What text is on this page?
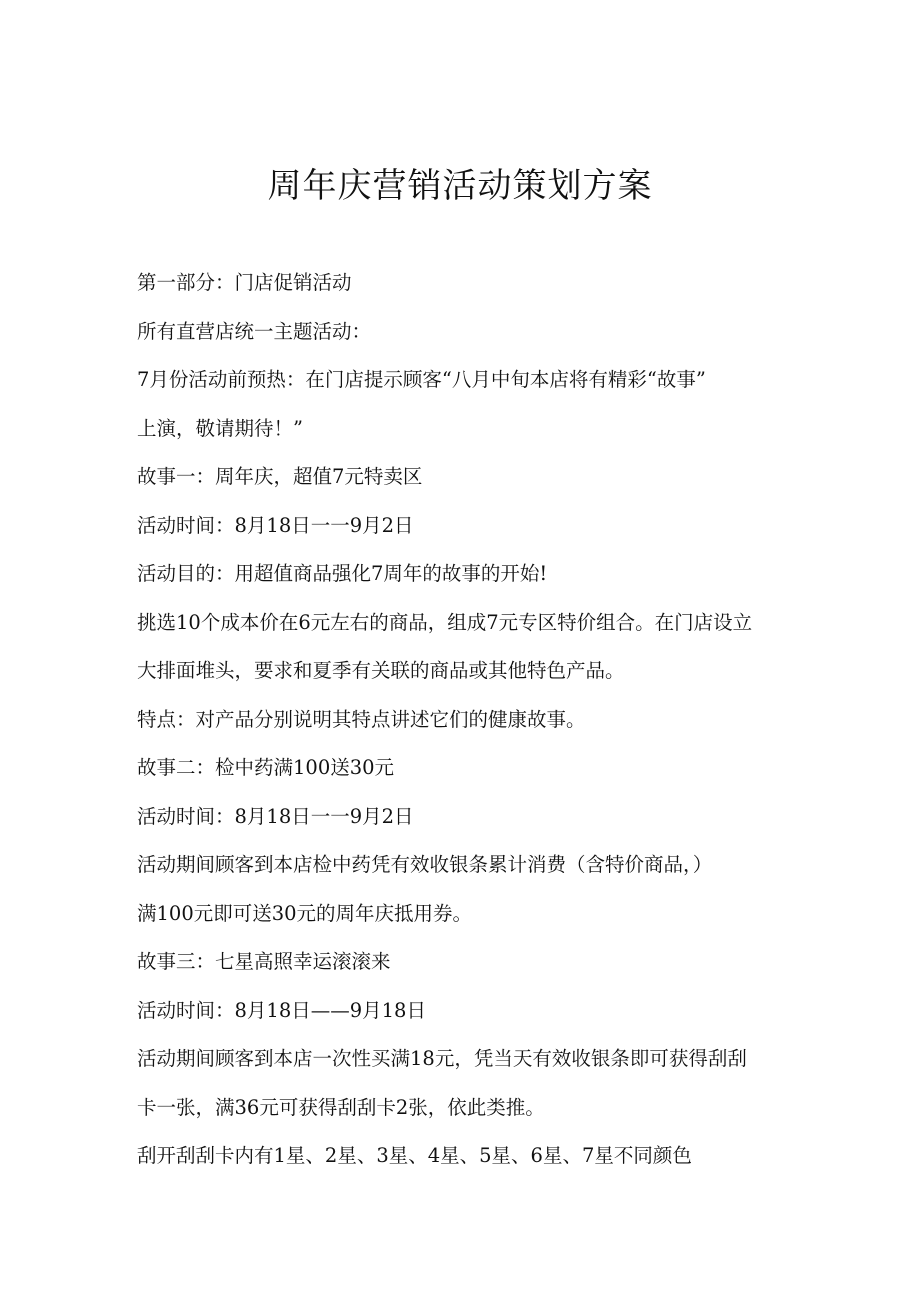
周年庆营销活动策划方案
第一部分：门店促销活动
所有直营店统一主题活动：
7月份活动前预热：在门店提示顾客“八月中旬本店将有精彩“故事”
上演，敬请期待！”
故事一：周年庆，超值7元特卖区
活动时间：8月18日一一9月2日
活动目的：用超值商品强化7周年的故事的开始!
挑选10个成本价在6元左右的商品，组成7元专区特价组合。在门店设立
大排面堆头，要求和夏季有关联的商品或其他特色产品。
特点：对产品分别说明其特点讲述它们的健康故事。
故事二：检中药满100送30元
活动时间：8月18日一一9月2日
活动期间顾客到本店检中药凭有效收银条累计消费（含特价商品，）
满100元即可送30元的周年庆抵用券。
故事三：七星高照幸运滚滚来
活动时间：8月18日——9月18日
活动期间顾客到本店一次性买满18元，凭当天有效收银条即可获得刮刮
卡一张，满36元可获得刮刮卡2张，依此类推。
刮开刮刮卡内有1星、2星、3星、4星、5星、6星、7星不同颜色
